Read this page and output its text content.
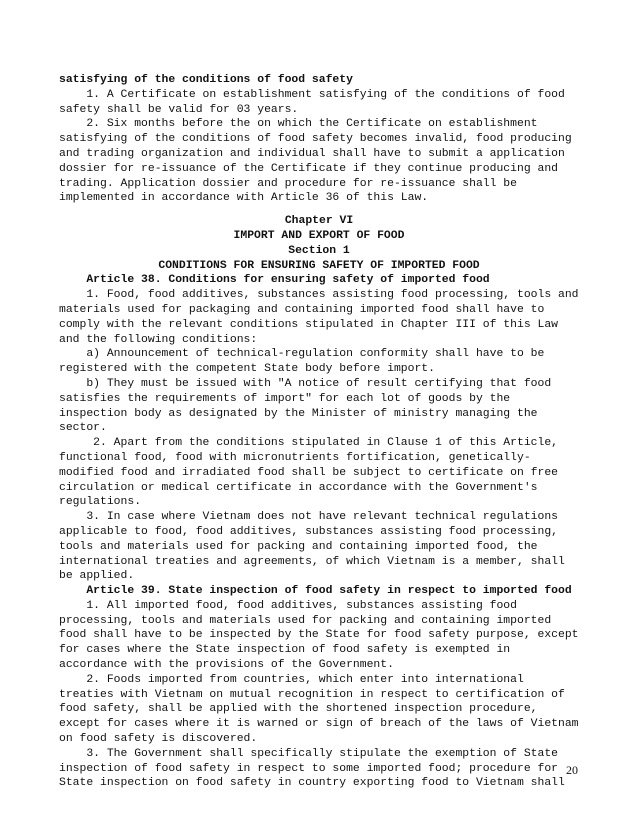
satisfying of the conditions of food safety
1. A Certificate on establishment satisfying of the conditions of food
safety shall be valid for 03 years.
2. Six months before the on which the Certificate on establishment
satisfying of the conditions of food safety becomes invalid, food producing
and trading organization and individual shall have to submit a application
dossier for re-issuance of the Certificate if they continue producing and
trading. Application dossier and procedure for re-issuance shall be
implemented in accordance with Article 36 of this Law.
Chapter VI
IMPORT AND EXPORT OF FOOD
Section 1
CONDITIONS FOR ENSURING SAFETY OF IMPORTED FOOD
Article 38. Conditions for ensuring safety of imported food
1. Food, food additives, substances assisting food processing, tools and
materials used for packaging and containing imported food shall have to
comply with the relevant conditions stipulated in Chapter III of this Law
and the following conditions:
a) Announcement of technical-regulation conformity shall have to be
registered with the competent State body before import.
b) They must be issued with "A notice of result certifying that food
satisfies the requirements of import" for each lot of goods by the
inspection body as designated by the Minister of ministry managing the
sector.
2. Apart from the conditions stipulated in Clause 1 of this Article,
functional food, food with micronutrients fortification, genetically-
modified food and irradiated food shall be subject to certificate on free
circulation or medical certificate in accordance with the Government's
regulations.
3. In case where Vietnam does not have relevant technical regulations
applicable to food, food additives, substances assisting food processing,
tools and materials used for packing and containing imported food, the
international treaties and agreements, of which Vietnam is a member, shall
be applied.
Article 39. State inspection of food safety in respect to imported food
1. All imported food, food additives, substances assisting food
processing, tools and materials used for packing and containing imported
food shall have to be inspected by the State for food safety purpose, except
for cases where the State inspection of food safety is exempted in
accordance with the provisions of the Government.
2. Foods imported from countries, which enter into international
treaties with Vietnam on mutual recognition in respect to certification of
food safety, shall be applied with the shortened inspection procedure,
except for cases where it is warned or sign of breach of the laws of Vietnam
on food safety is discovered.
3. The Government shall specifically stipulate the exemption of State
inspection of food safety in respect to some imported food; procedure for
State inspection on food safety in country exporting food to Vietnam shall
20
